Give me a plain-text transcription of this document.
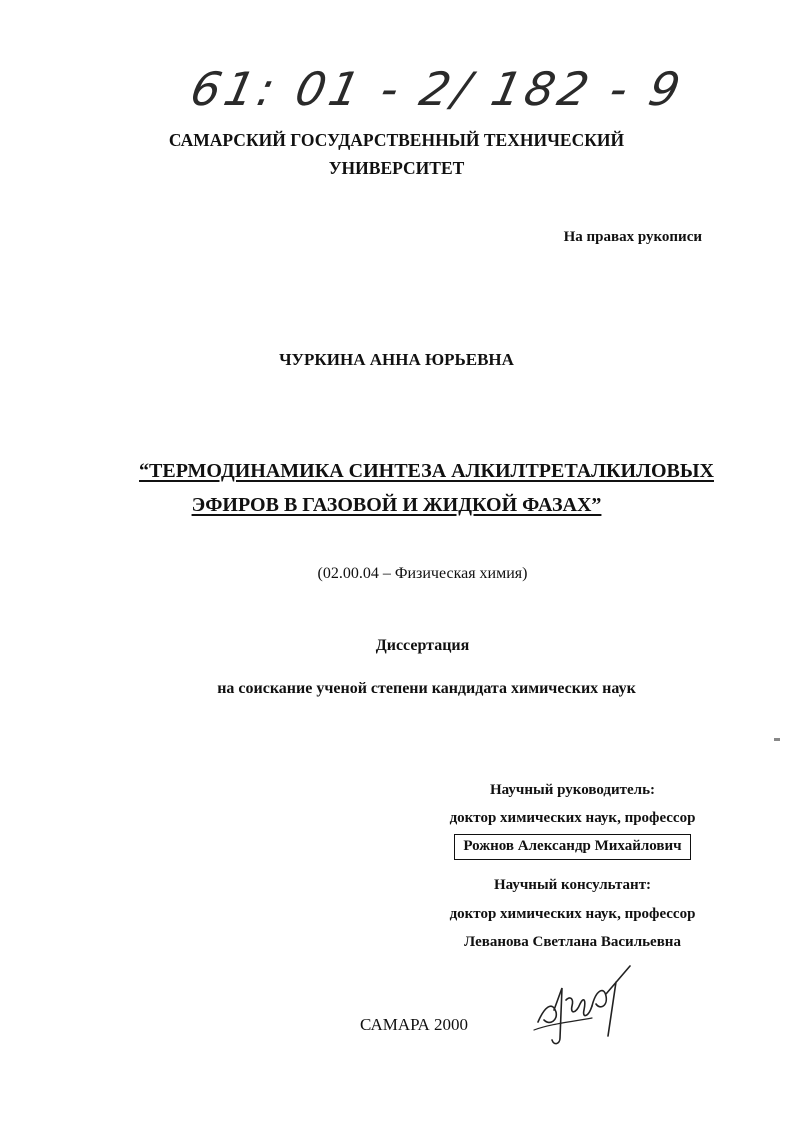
61: 01 - 2/ 182 - 9
САМАРСКИЙ ГОСУДАРСТВЕННЫЙ ТЕХНИЧЕСКИЙ
УНИВЕРСИТЕТ
На правах рукописи
ЧУРКИНА АННА ЮРЬЕВНА
“ТЕРМОДИНАМИКА СИНТЕЗА АЛКИЛТРЕТАЛКИЛОВЫХ
ЭФИРОВ В ГАЗОВОЙ И ЖИДКОЙ ФАЗАХ”
(02.00.04 – Физическая химия)
Диссертация
на соискание ученой степени кандидата химических наук
Научный руководитель:
доктор химических наук, профессор
Рожнов Александр Михайлович
Научный консультант:
доктор химических наук, профессор
Леванова Светлана Васильевна
САМАРА 2000
